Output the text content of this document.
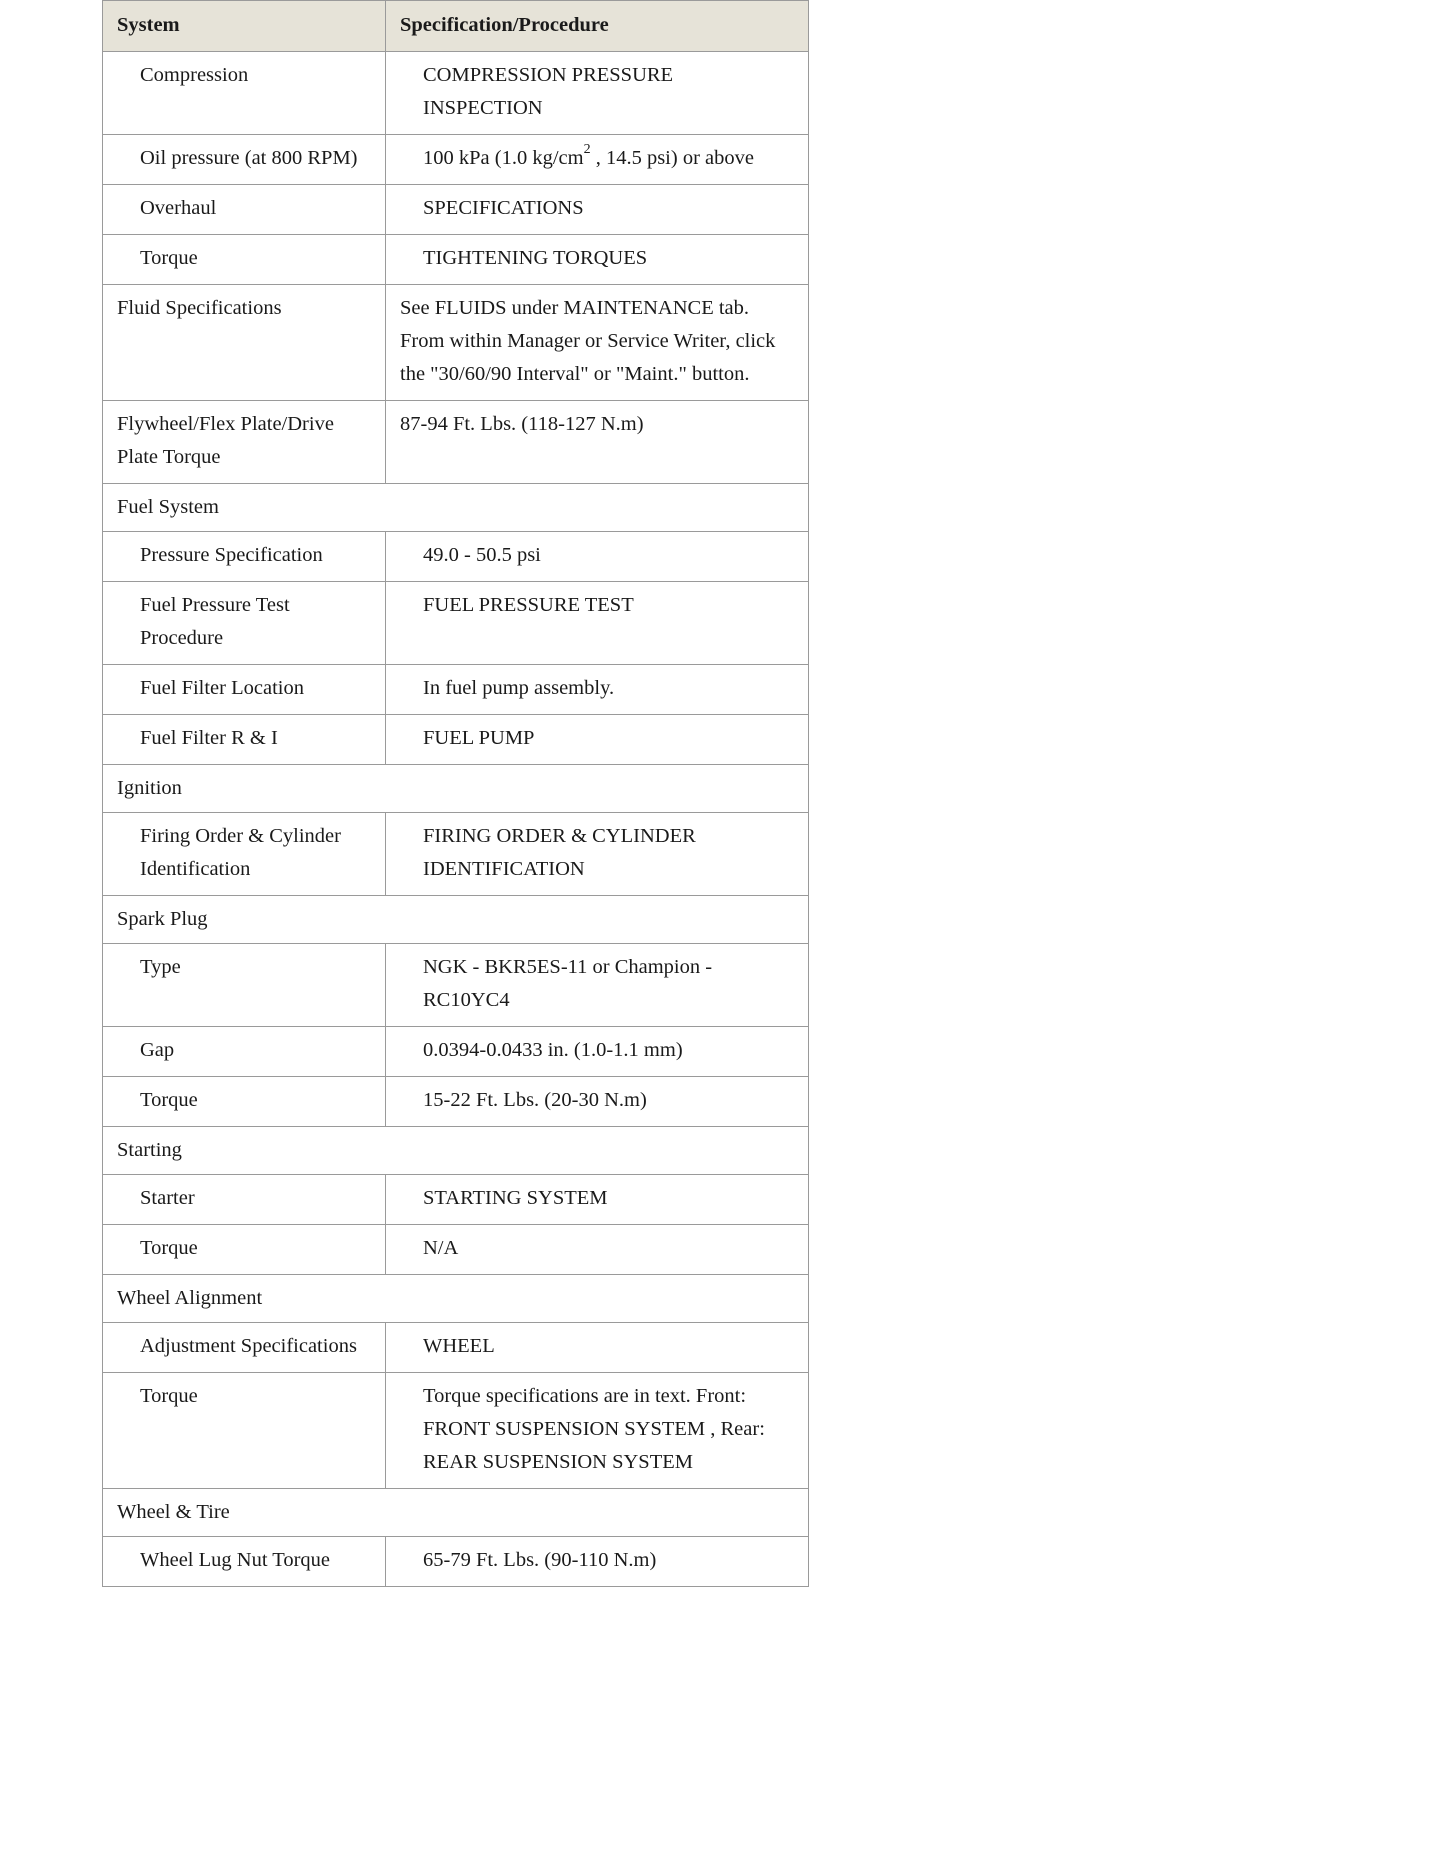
System	Specification/Procedure
Compression	COMPRESSION PRESSURE INSPECTION
Oil pressure (at 800 RPM)	100 kPa (1.0 $kg/cm^2$ , 14.5 psi) or above
Overhaul	SPECIFICATIONS
Torque	TIGHTENING TORQUES
Fluid Specifications	See FLUIDS under MAINTENANCE tab. From within Manager or Service Writer, click the "30/60/90 Interval" or "Maint." button.
Flywheel/Flex Plate/Drive Plate Torque	87-94 Ft. Lbs. (118-127 N.m)
Fuel System	
Pressure Specification	49.0 - 50.5 psi
Fuel Pressure Test Procedure	FUEL PRESSURE TEST
Fuel Filter Location	In fuel pump assembly.
Fuel Filter R & I	FUEL PUMP
Ignition	
Firing Order & Cylinder Identification	FIRING ORDER & CYLINDER IDENTIFICATION
Spark Plug	
Type	NGK - BKR5ES-11 or Champion - RC10YC4
Gap	0.0394-0.0433 in. (1.0-1.1 mm)
Torque	15-22 Ft. Lbs. (20-30 N.m)
Starting	
Starter	STARTING SYSTEM
Torque	N/A
Wheel Alignment	
Adjustment Specifications	WHEEL
Torque	Torque specifications are in text. Front: FRONT SUSPENSION SYSTEM , Rear: REAR SUSPENSION SYSTEM
Wheel & Tire	
Wheel Lug Nut Torque	65-79 Ft. Lbs. (90-110 N.m)
